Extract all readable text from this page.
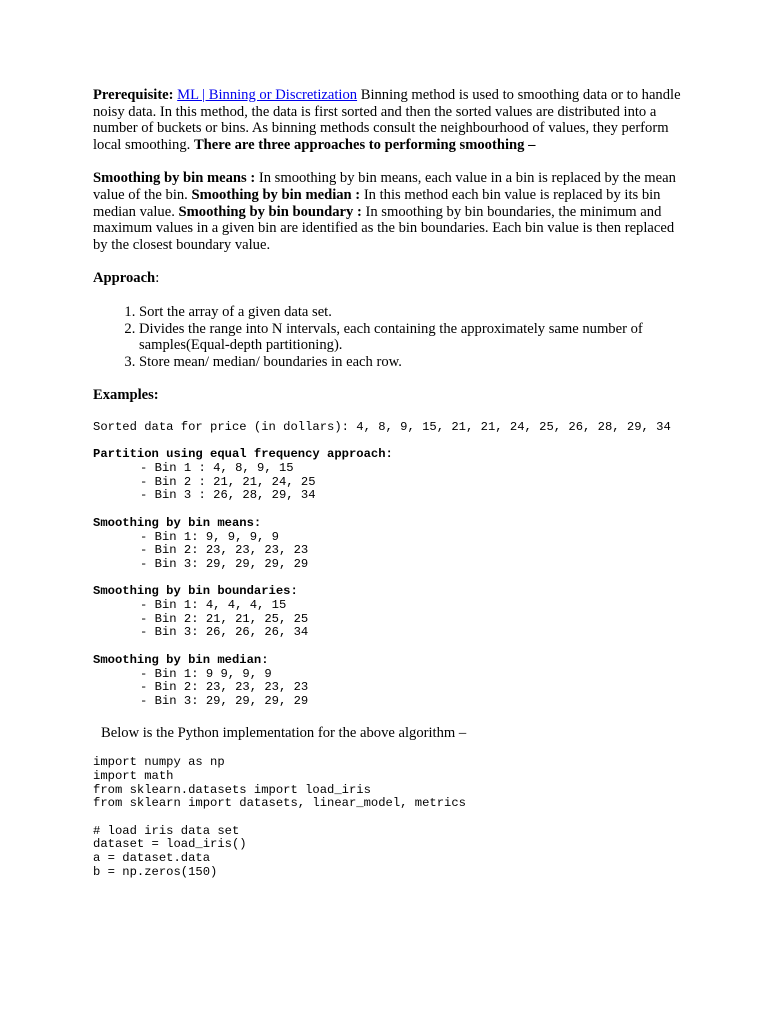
Prerequisite: ML | Binning or Discretization Binning method is used to smoothing data or to handle noisy data. In this method, the data is first sorted and then the sorted values are distributed into a number of buckets or bins. As binning methods consult the neighbourhood of values, they perform local smoothing. There are three approaches to performing smoothing –

Smoothing by bin means : In smoothing by bin means, each value in a bin is replaced by the mean value of the bin. Smoothing by bin median : In this method each bin value is replaced by its bin median value. Smoothing by bin boundary : In smoothing by bin boundaries, the minimum and maximum values in a given bin are identified as the bin boundaries. Each bin value is then replaced by the closest boundary value.

Approach:

1. Sort the array of a given data set.
2. Divides the range into N intervals, each containing the approximately same number of samples(Equal-depth partitioning).
3. Store mean/ median/ boundaries in each row.

Examples:

Sorted data for price (in dollars): 4, 8, 9, 15, 21, 21, 24, 25, 26, 28, 29, 34
Partition using equal frequency approach:
- Bin 1 : 4, 8, 9, 15
- Bin 2 : 21, 21, 24, 25
- Bin 3 : 26, 28, 29, 34
Smoothing by bin means:
- Bin 1: 9, 9, 9, 9
- Bin 2: 23, 23, 23, 23
- Bin 3: 29, 29, 29, 29
Smoothing by bin boundaries:
- Bin 1: 4, 4, 4, 15
- Bin 2: 21, 21, 25, 25
- Bin 3: 26, 26, 26, 34
Smoothing by bin median:
- Bin 1: 9 9, 9, 9
- Bin 2: 23, 23, 23, 23
- Bin 3: 29, 29, 29, 29

Below is the Python implementation for the above algorithm –

import numpy as np
import math
from sklearn.datasets import load_iris
from sklearn import datasets, linear_model, metrics
# load iris data set
dataset = load_iris()
a = dataset.data
b = np.zeros(150)
